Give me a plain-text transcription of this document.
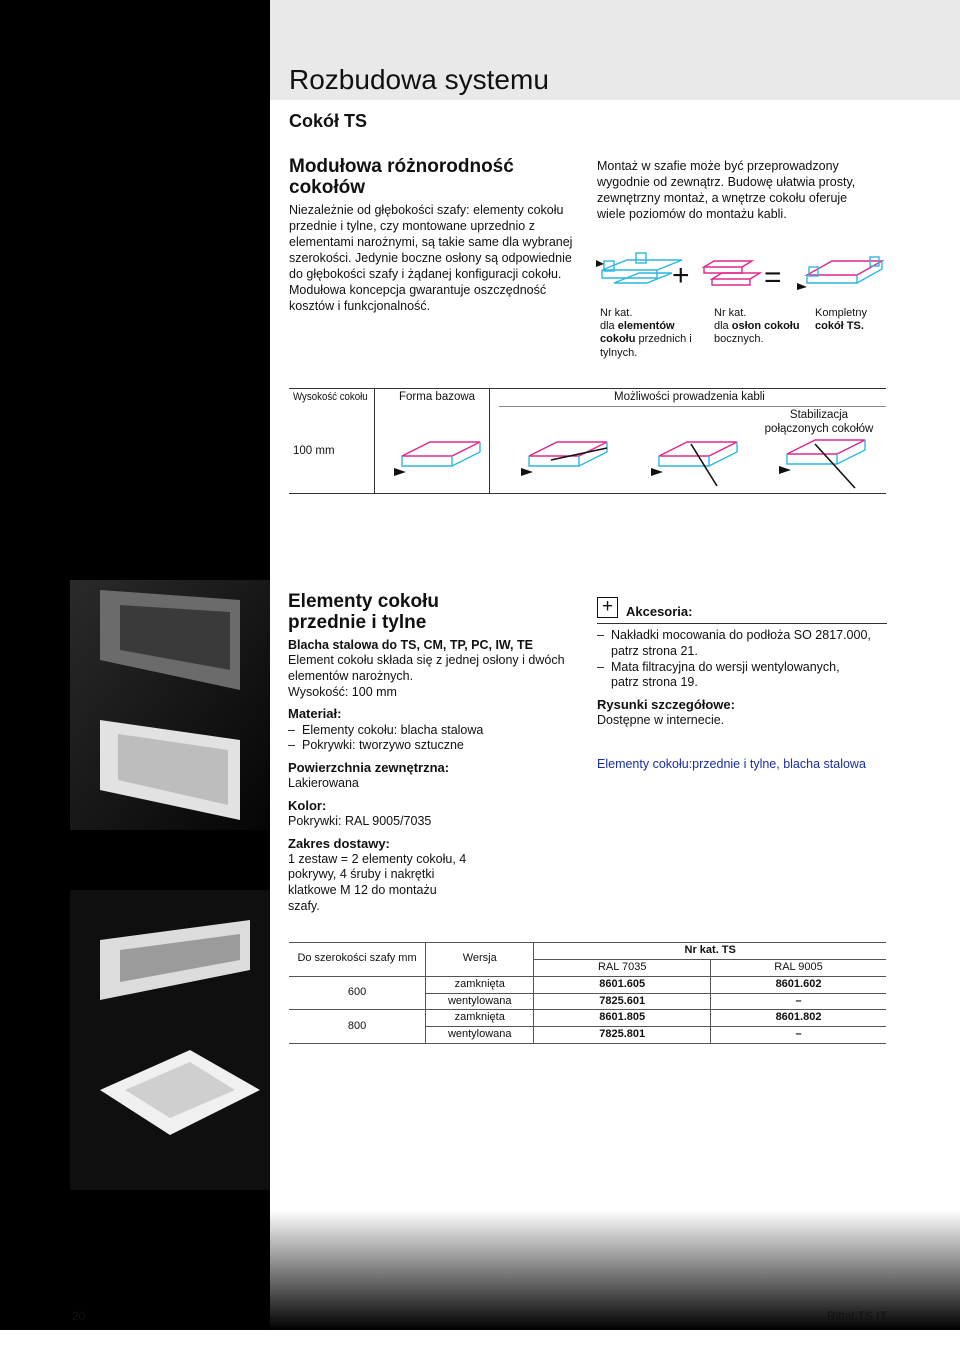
Rozbudowa systemu
Cokół TS
Modułowa różnorodność cokołów

Niezależnie od głębokości szafy: elementy cokołu przednie i tylne, czy montowane uprzednio z elementami narożnymi, są takie same dla wybranej szerokości. Jedynie boczne osłony są odpowiednie do głębokości szafy i żądanej konfiguracji cokołu. Modułowa koncepcja gwarantuje oszczędność kosztów i funkcjonalność.

Montaż w szafie może być przeprowadzony wygodnie od zewnątrz. Budowę ułatwia prosty, zewnętrzny montaż, a wnętrze cokołu oferuje wiele poziomów do montażu kabli.
+ =
Nr kat.
dla elementów cokołu przednich i tylnych.
Nr kat.
dla osłon cokołu bocznych.
Kompletny
cokół TS.
Wysokość cokołu	Forma bazowa	Możliwości prowadzenia kabli
Stabilizacja połączonych cokołów
100 mm
Elementy cokołu przednie i tylne
Blacha stalowa do TS, CM, TP, PC, IW, TE
Element cokołu składa się z jednej osłony i dwóch elementów narożnych.
Wysokość: 100 mm
Materiał:
– Elementy cokołu: blacha stalowa
– Pokrywki: tworzywo sztuczne
Powierzchnia zewnętrzna:
Lakierowana
Kolor:
Pokrywki: RAL 9005/7035
Zakres dostawy:
1 zestaw = 2 elementy cokołu, 4 pokrywy, 4 śruby i nakrętki klatkowe M 12 do montażu szafy.
+ Akcesoria:
– Nakładki mocowania do podłoża SO 2817.000,
patrz strona 21.
– Mata filtracyjna do wersji wentylowanych,
patrz strona 19.
Rysunki szczegółowe:
Dostępne w internecie.
Elementy cokołu:przednie i tylne, blacha stalowa
Do szerokości szafy mm	Wersja	Nr kat. TS	
		RAL 7035	RAL 9005
600	zamknięta	8601.605	8601.602
	wentylowana	7825.601	–
800	zamknięta	8601.805	8601.802
	wentylowana	7825.801	–
20	Rittal TS IT
